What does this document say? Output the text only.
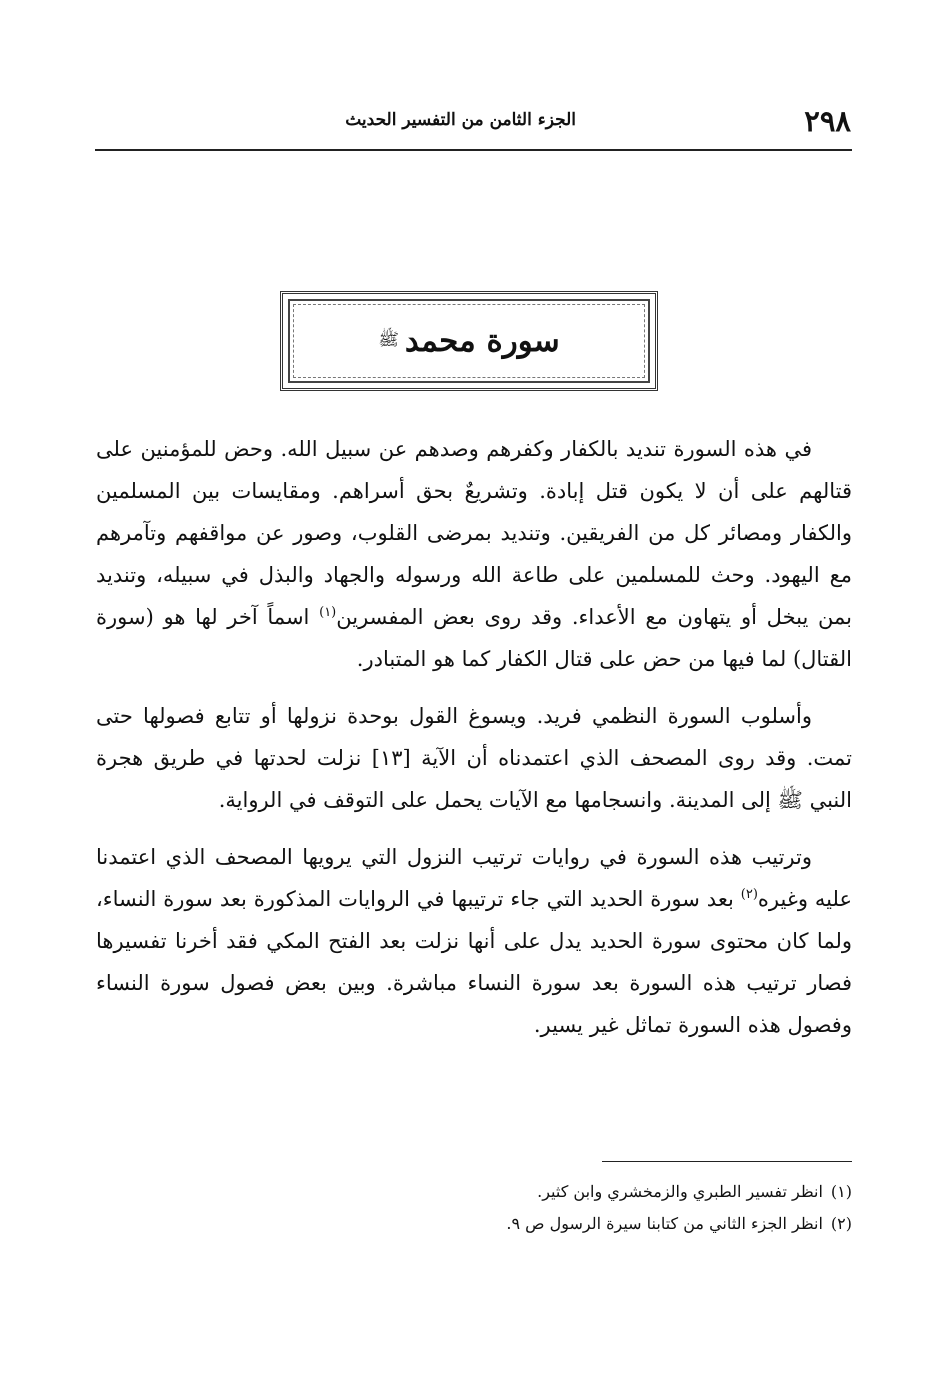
٢٩٨
الجزء الثامن من التفسير الحديث
سورة محمد
ﷺ

في هذه السورة تنديد بالكفار وكفرهم وصدهم عن سبيل الله. وحض للمؤمنين على قتالهم على أن لا يكون قتل إبادة. وتشريعٌ بحق أسراهم. ومقايسات بين المسلمين والكفار ومصائر كل من الفريقين. وتنديد بمرضى القلوب، وصور عن مواقفهم وتآمرهم مع اليهود. وحث للمسلمين على طاعة الله ورسوله والجهاد والبذل في سبيله، وتنديد بمن يبخل أو يتهاون مع الأعداء. وقد روى بعض المفسرين$^{(١)}$ اسماً آخر لها هو (سورة القتال) لما فيها من حض على قتال الكفار كما هو المتبادر.

وأسلوب السورة النظمي فريد. ويسوغ القول بوحدة نزولها أو تتابع فصولها حتى تمت. وقد روى المصحف الذي اعتمدناه أن الآية [١٣] نزلت لحدتها في طريق هجرة النبي ﷺ إلى المدينة. وانسجامها مع الآيات يحمل على التوقف في الرواية.

وترتيب هذه السورة في روايات ترتيب النزول التي يرويها المصحف الذي اعتمدنا عليه وغيره$^{(٢)}$ بعد سورة الحديد التي جاء ترتيبها في الروايات المذكورة بعد سورة النساء، ولما كان محتوى سورة الحديد يدل على أنها نزلت بعد الفتح المكي فقد أخرنا تفسيرها فصار ترتيب هذه السورة بعد سورة النساء مباشرة. وبين بعض فصول سورة النساء وفصول هذه السورة تماثل غير يسير.

(١)انظر تفسير الطبري والزمخشري وابن كثير.

(٢)انظر الجزء الثاني من كتابنا سيرة الرسول ص ٩.
